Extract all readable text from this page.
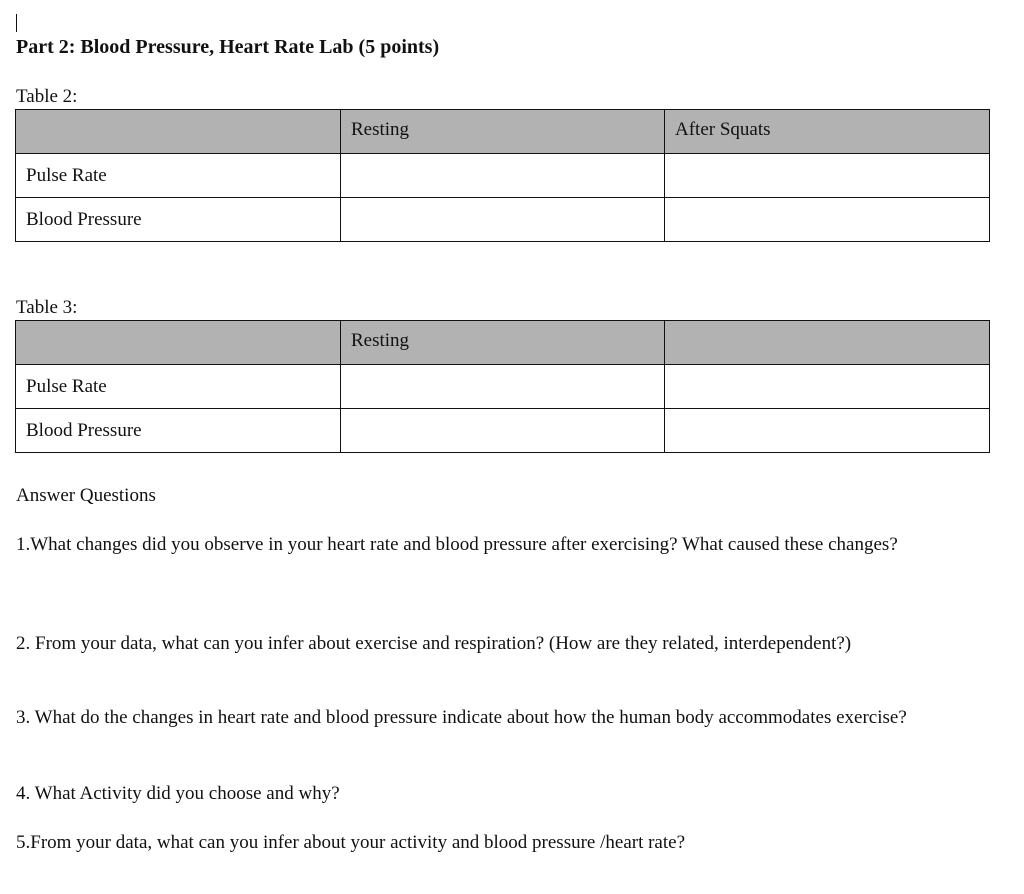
Part 2: Blood Pressure, Heart Rate Lab (5 points)
Table 2:
	Resting	After Squats
Pulse Rate		
Blood Pressure		
Table 3:
	Resting	
Pulse Rate		
Blood Pressure		
Answer Questions
1.What changes did you observe in your heart rate and blood pressure after exercising? What caused these changes?
2. From your data, what can you infer about exercise and respiration? (How are they related, interdependent?)
3. What do the changes in heart rate and blood pressure indicate about how the human body accommodates exercise?
4. What Activity did you choose and why?
5.From your data, what can you infer about your activity and blood pressure /heart rate?
